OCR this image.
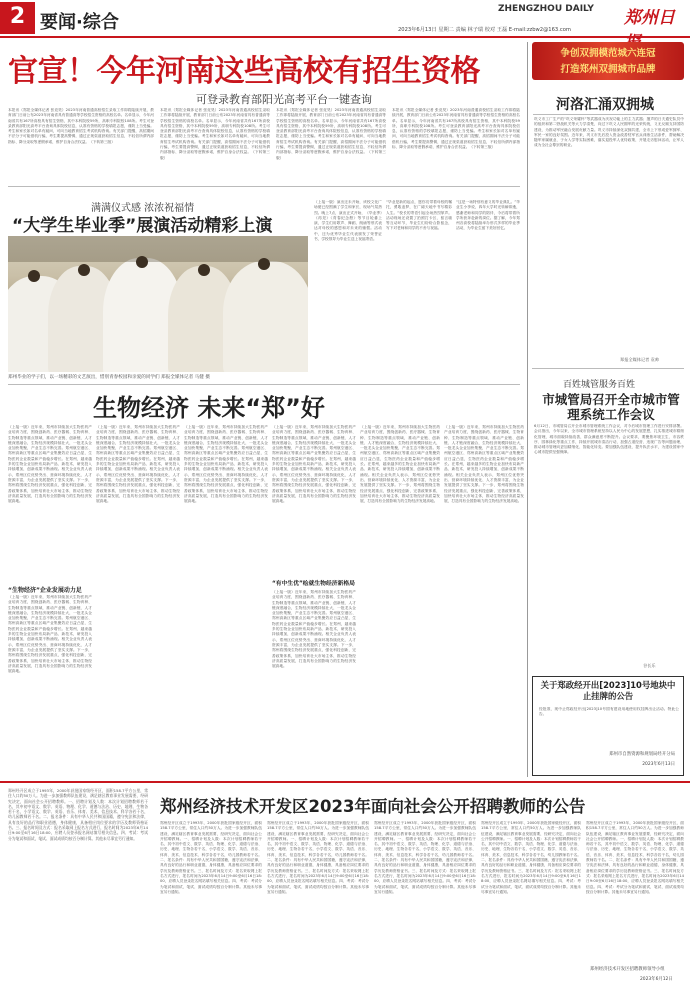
2 要闻·综合
ZHENGZHOU DAILY 郑州日
2023年6月13日 星期二 责编 林子瑞 校对 王磊 E-mail:zzbw2@163.com
官宣！今年河南这些高校有招生资格
可登录教育部阳光高考平台一键查询
本报讯（郑报全媒体记者 张竞昊）2023年河南普通高校招生录取工作即将陆续开展，教育部门日前公布2023年河南省具有普通高等学校招生资格的高校名单。名单显示，今年河南省共有167所高校具有招生资格，其中本科院校59所，高职专科院校108所。考生可登录教育部阳光高考平台查询具体院校信息，认准有资格的学校填报志愿，谨防上当受骗。考生和家长如对名单有疑问，可向当地教育招生考试机构咨询。有关部门提醒，高招期间不法分子可能借机行骗，考生要提高警惕，通过正规渠道获取招生信息，不轻信所谓内部指标、降分录取等虚假承诺，维护自身合法权益。（下转第三版）
本报讯（郑报全媒体记者 张竞昊）2023年河南普通高校招生录取工作即将陆续开展，教育部门日前公布2023年河南省具有普通高等学校招生资格的高校名单。名单显示，今年河南省共有167所高校具有招生资格，其中本科院校59所，高职专科院校108所。考生可登录教育部阳光高考平台查询具体院校信息，认准有资格的学校填报志愿，谨防上当受骗。考生和家长如对名单有疑问，可向当地教育招生考试机构咨询。有关部门提醒，高招期间不法分子可能借机行骗，考生要提高警惕，通过正规渠道获取招生信息，不轻信所谓内部指标、降分录取等虚假承诺，维护自身合法权益。（下转第三版）
本报讯（郑报全媒体记者 张竞昊）2023年河南普通高校招生录取工作即将陆续开展，教育部门日前公布2023年河南省具有普通高等学校招生资格的高校名单。名单显示，今年河南省共有167所高校具有招生资格，其中本科院校59所，高职专科院校108所。考生可登录教育部阳光高考平台查询具体院校信息，认准有资格的学校填报志愿，谨防上当受骗。考生和家长如对名单有疑问，可向当地教育招生考试机构咨询。有关部门提醒，高招期间不法分子可能借机行骗，考生要提高警惕，通过正规渠道获取招生信息，不轻信所谓内部指标、降分录取等虚假承诺，维护自身合法权益。（下转第三版）
本报讯（郑报全媒体记者 张竞昊）2023年河南普通高校招生录取工作即将陆续开展，教育部门日前公布2023年河南省具有普通高等学校招生资格的高校名单。名单显示，今年河南省共有167所高校具有招生资格，其中本科院校59所，高职专科院校108所。考生可登录教育部阳光高考平台查询具体院校信息，认准有资格的学校填报志愿，谨防上当受骗。考生和家长如对名单有疑问，可向当地教育招生考试机构咨询。有关部门提醒，高招期间不法分子可能借机行骗，考生要提高警惕，通过正规渠道获取招生信息，不轻信所谓内部指标、降分录取等虚假承诺，维护自身合法权益。（下转第三版）
满满仪式感 浓浓祝福情
“大学生毕业季”展演活动精彩上演
郑州毕业的学子们，以一场精彩的文艺演出，惜别青春校园和亲爱的同学们 郑报全媒体记者 马健 摄
（上接一版）演出还未开始，该校文化广场便已经围满了学生和家长，现场气氛热烈。晚上7点，演出正式开始，《毕业季》《再见》《青春纪念册》等节目轮番上演，学生们用歌声、舞蹈、朗诵等形式表达对母校的感恩和对未来的憧憬。活动中，还为优秀毕业生代表颁发了荣誉证书，学校领导为毕业生送上祝福寄语。
“毕业是新的起点，愿你们带着母校的嘱托，勇敢追梦，在广阔天地中书写精彩人生。”校长的寄语引起全场热烈掌声。活动现场还设置了拍照打卡区、留言墙等互动环节，毕业生们纷纷合影留念，写下对老师和同学的不舍与祝福。
“这是一场特别有意义的毕业典礼。”毕业生小李说，四年大学时光转瞬即逝，感谢老师和同学的陪伴，今后将带着所学所获奔赴新的岗位。据了解，今年郑州各高校将陆续举办形式多样的毕业季活动，为毕业生留下美好回忆。
生物经济 未来“郑”好
（上接一版）近年来，郑州市持续加大生物医药产业培育力度，围绕创新药、医疗器械、生物育种、生物制造等重点领域，推动产业链、创新链、人才链深度融合，生物经济规模持续壮大，一批龙头企业加快集聚，产业生态不断完善。郑州航空港区、郑州高新区等重点区域产业集聚效应日益凸显，生物医药企业数量和产值稳步增长。在郑州，越来越多的生物企业加快布局新产品、新技术，研发投入持续增加，创新成果不断涌现。相关企业负责人表示，郑州区位优势突出、营商环境持续优化、人才资源丰富，为企业发展提供了坚实支撑。下一步，郑州将围绕生物经济发展重点，强化科技创新，完善政策体系，加快培育壮大市场主体，推动生物经济高质量发展，打造具有全国影响力的生物经济发展高地。
“生物经济”企业发展动力足
（上接一版）近年来，郑州市持续加大生物医药产业培育力度，围绕创新药、医疗器械、生物育种、生物制造等重点领域，推动产业链、创新链、人才链深度融合，生物经济规模持续壮大，一批龙头企业加快集聚，产业生态不断完善。郑州航空港区、郑州高新区等重点区域产业集聚效应日益凸显，生物医药企业数量和产值稳步增长。在郑州，越来越多的生物企业加快布局新产品、新技术，研发投入持续增加，创新成果不断涌现。相关企业负责人表示，郑州区位优势突出、营商环境持续优化、人才资源丰富，为企业发展提供了坚实支撑。下一步，郑州将围绕生物经济发展重点，强化科技创新，完善政策体系，加快培育壮大市场主体，推动生物经济高质量发展，打造具有全国影响力的生物经济发展高地。
（上接一版）近年来，郑州市持续加大生物医药产业培育力度，围绕创新药、医疗器械、生物育种、生物制造等重点领域，推动产业链、创新链、人才链深度融合，生物经济规模持续壮大，一批龙头企业加快集聚，产业生态不断完善。郑州航空港区、郑州高新区等重点区域产业集聚效应日益凸显，生物医药企业数量和产值稳步增长。在郑州，越来越多的生物企业加快布局新产品、新技术，研发投入持续增加，创新成果不断涌现。相关企业负责人表示，郑州区位优势突出、营商环境持续优化、人才资源丰富，为企业发展提供了坚实支撑。下一步，郑州将围绕生物经济发展重点，强化科技创新，完善政策体系，加快培育壮大市场主体，推动生物经济高质量发展，打造具有全国影响力的生物经济发展高地。
（上接一版）近年来，郑州市持续加大生物医药产业培育力度，围绕创新药、医疗器械、生物育种、生物制造等重点领域，推动产业链、创新链、人才链深度融合，生物经济规模持续壮大，一批龙头企业加快集聚，产业生态不断完善。郑州航空港区、郑州高新区等重点区域产业集聚效应日益凸显，生物医药企业数量和产值稳步增长。在郑州，越来越多的生物企业加快布局新产品、新技术，研发投入持续增加，创新成果不断涌现。相关企业负责人表示，郑州区位优势突出、营商环境持续优化、人才资源丰富，为企业发展提供了坚实支撑。下一步，郑州将围绕生物经济发展重点，强化科技创新，完善政策体系，加快培育壮大市场主体，推动生物经济高质量发展，打造具有全国影响力的生物经济发展高地。
（上接一版）近年来，郑州市持续加大生物医药产业培育力度，围绕创新药、医疗器械、生物育种、生物制造等重点领域，推动产业链、创新链、人才链深度融合，生物经济规模持续壮大，一批龙头企业加快集聚，产业生态不断完善。郑州航空港区、郑州高新区等重点区域产业集聚效应日益凸显，生物医药企业数量和产值稳步增长。在郑州，越来越多的生物企业加快布局新产品、新技术，研发投入持续增加，创新成果不断涌现。相关企业负责人表示，郑州区位优势突出、营商环境持续优化、人才资源丰富，为企业发展提供了坚实支撑。下一步，郑州将围绕生物经济发展重点，强化科技创新，完善政策体系，加快培育壮大市场主体，推动生物经济高质量发展，打造具有全国影响力的生物经济发展高地。
“有中生优”绘就生物经济新格局
（上接一版）近年来，郑州市持续加大生物医药产业培育力度，围绕创新药、医疗器械、生物育种、生物制造等重点领域，推动产业链、创新链、人才链深度融合，生物经济规模持续壮大，一批龙头企业加快集聚，产业生态不断完善。郑州航空港区、郑州高新区等重点区域产业集聚效应日益凸显，生物医药企业数量和产值稳步增长。在郑州，越来越多的生物企业加快布局新产品、新技术，研发投入持续增加，创新成果不断涌现。相关企业负责人表示，郑州区位优势突出、营商环境持续优化、人才资源丰富，为企业发展提供了坚实支撑。下一步，郑州将围绕生物经济发展重点，强化科技创新，完善政策体系，加快培育壮大市场主体，推动生物经济高质量发展，打造具有全国影响力的生物经济发展高地。
（上接一版）近年来，郑州市持续加大生物医药产业培育力度，围绕创新药、医疗器械、生物育种、生物制造等重点领域，推动产业链、创新链、人才链深度融合，生物经济规模持续壮大，一批龙头企业加快集聚，产业生态不断完善。郑州航空港区、郑州高新区等重点区域产业集聚效应日益凸显，生物医药企业数量和产值稳步增长。在郑州，越来越多的生物企业加快布局新产品、新技术，研发投入持续增加，创新成果不断涌现。相关企业负责人表示，郑州区位优势突出、营商环境持续优化、人才资源丰富，为企业发展提供了坚实支撑。下一步，郑州将围绕生物经济发展重点，强化科技创新，完善政策体系，加快培育壮大市场主体，推动生物经济高质量发展，打造具有全国影响力的生物经济发展高地。
（上接一版）近年来，郑州市持续加大生物医药产业培育力度，围绕创新药、医疗器械、生物育种、生物制造等重点领域，推动产业链、创新链、人才链深度融合，生物经济规模持续壮大，一批龙头企业加快集聚，产业生态不断完善。郑州航空港区、郑州高新区等重点区域产业集聚效应日益凸显，生物医药企业数量和产值稳步增长。在郑州，越来越多的生物企业加快布局新产品、新技术，研发投入持续增加，创新成果不断涌现。相关企业负责人表示，郑州区位优势突出、营商环境持续优化、人才资源丰富，为企业发展提供了坚实支撑。下一步，郑州将围绕生物经济发展重点，强化科技创新，完善政策体系，加快培育壮大市场主体，推动生物经济高质量发展，打造具有全国影响力的生物经济发展高地。
争创双拥模范城六连冠
打造郑州双拥城市品牌
河洛汇涌双拥城
巩义市工广生产的“巩义荣耀杯”等武器成为庆祝功能上的主力武器；擅声的日夫通史队员中的组织和第二野战机关等大力学清楚，向过下巩义人民期军的光荣传统，义无反顾支持国防建设，为推动军民融合发展贡献力量。巩义市持续深化双拥共建，全市上下形成爱军拥军、军民一家的良好氛围。近年来，巩义市先后投入资金改善驻军官兵训练生活条件，帮助解决随军家属就业、子女入学等实际困难，落实退役军人优待政策，开展走访慰问活动，让军人成为全社会尊崇的职业。
郑报全媒体记者 袁帅
百姓城管服务百姓
市城管局召开全市城市管理系统工作会议
6月12日，市城管局召开全市城市管理系统工作会议，对今后城市管理工作进行安排部署。会议指出，今年以来，全市城市管理系统坚持以人民为中心的发展思想，扎实推进城市精细化管理，城市面貌持续改善，群众满意度不断提升。会议要求，要聚焦环境卫生、市容秩序、园林绿化等重点工作，持续开展城市清洁行动，加强占道经营、违规广告等问题治理，推动城市管理向更加精细化、智能化转变。要加强队伍建设，提升执法水平，为建设国家中心城市提供坚强保障。
谷长乐
关于郑政经开出[2023]10号地块中止挂牌的公告
经批准，现中止郑政经开出[2023]10号国有建设用地使用权挂牌出让活动。特此公告。
郑州市自然资源和规划局经开分局
2023年6月13日
郑州经开区成立于1993年，2000年获批国家级经开区，面积158.7平方公里，常住人口约50万人。为进一步加强教师队伍建设，满足辖区教育事业发展需要，经研究决定，面向社会公开招聘教师。一、招聘计划及人数：本次计划招聘教师若干名，其中初中语文、数学、英语、物理、化学、道德与法治、历史、地理、生物各若干名，小学语文、数学、英语、音乐、体育、美术、信息技术、科学各若干名，幼儿园教师若干名。二、报名条件：具有中华人民共和国国籍，遵守宪法和法律，具有良好的品行和职业道德，身体健康，具备相应岗位要求的学历及教师资格证书。三、报名时间及方式：报名采取网上报名方式进行，报名时间为2023年6月14日9:00至6月16日18:00，应聘人员登录报名网站填写相关信息。四、考试：考试分为笔试和面试，笔试、面试成绩均按百分制计算。其他未尽事宜另行通知。
郑州经济技术开发区2023年面向社会公开招聘教师的公告
郑州经开区成立于1993年，2000年获批国家级经开区，面积158.7平方公里，常住人口约50万人。为进一步加强教师队伍建设，满足辖区教育事业发展需要，经研究决定，面向社会公开招聘教师。一、招聘计划及人数：本次计划招聘教师若干名，其中初中语文、数学、英语、物理、化学、道德与法治、历史、地理、生物各若干名，小学语文、数学、英语、音乐、体育、美术、信息技术、科学各若干名，幼儿园教师若干名。二、报名条件：具有中华人民共和国国籍，遵守宪法和法律，具有良好的品行和职业道德，身体健康，具备相应岗位要求的学历及教师资格证书。三、报名时间及方式：报名采取网上报名方式进行，报名时间为2023年6月14日9:00至6月16日18:00，应聘人员登录报名网站填写相关信息。四、考试：考试分为笔试和面试，笔试、面试成绩均按百分制计算。其他未尽事宜另行通知。
郑州经开区成立于1993年，2000年获批国家级经开区，面积158.7平方公里，常住人口约50万人。为进一步加强教师队伍建设，满足辖区教育事业发展需要，经研究决定，面向社会公开招聘教师。一、招聘计划及人数：本次计划招聘教师若干名，其中初中语文、数学、英语、物理、化学、道德与法治、历史、地理、生物各若干名，小学语文、数学、英语、音乐、体育、美术、信息技术、科学各若干名，幼儿园教师若干名。二、报名条件：具有中华人民共和国国籍，遵守宪法和法律，具有良好的品行和职业道德，身体健康，具备相应岗位要求的学历及教师资格证书。三、报名时间及方式：报名采取网上报名方式进行，报名时间为2023年6月14日9:00至6月16日18:00，应聘人员登录报名网站填写相关信息。四、考试：考试分为笔试和面试，笔试、面试成绩均按百分制计算。其他未尽事宜另行通知。
郑州经开区成立于1993年，2000年获批国家级经开区，面积158.7平方公里，常住人口约50万人。为进一步加强教师队伍建设，满足辖区教育事业发展需要，经研究决定，面向社会公开招聘教师。一、招聘计划及人数：本次计划招聘教师若干名，其中初中语文、数学、英语、物理、化学、道德与法治、历史、地理、生物各若干名，小学语文、数学、英语、音乐、体育、美术、信息技术、科学各若干名，幼儿园教师若干名。二、报名条件：具有中华人民共和国国籍，遵守宪法和法律，具有良好的品行和职业道德，身体健康，具备相应岗位要求的学历及教师资格证书。三、报名时间及方式：报名采取网上报名方式进行，报名时间为2023年6月14日9:00至6月16日18:00，应聘人员登录报名网站填写相关信息。四、考试：考试分为笔试和面试，笔试、面试成绩均按百分制计算。其他未尽事宜另行通知。
郑州经开区成立于1993年，2000年获批国家级经开区，面积158.7平方公里，常住人口约50万人。为进一步加强教师队伍建设，满足辖区教育事业发展需要，经研究决定，面向社会公开招聘教师。一、招聘计划及人数：本次计划招聘教师若干名，其中初中语文、数学、英语、物理、化学、道德与法治、历史、地理、生物各若干名，小学语文、数学、英语、音乐、体育、美术、信息技术、科学各若干名，幼儿园教师若干名。二、报名条件：具有中华人民共和国国籍，遵守宪法和法律，具有良好的品行和职业道德，身体健康，具备相应岗位要求的学历及教师资格证书。三、报名时间及方式：报名采取网上报名方式进行，报名时间为2023年6月14日9:00至6月16日18:00，应聘人员登录报名网站填写相关信息。四、考试：考试分为笔试和面试，笔试、面试成绩均按百分制计算。其他未尽事宜另行通知。
郑州经开区成立于1993年，2000年获批国家级经开区，面积158.7平方公里，常住人口约50万人。为进一步加强教师队伍建设，满足辖区教育事业发展需要，经研究决定，面向社会公开招聘教师。一、招聘计划及人数：本次计划招聘教师若干名，其中初中语文、数学、英语、物理、化学、道德与法治、历史、地理、生物各若干名，小学语文、数学、英语、音乐、体育、美术、信息技术、科学各若干名，幼儿园教师若干名。二、报名条件：具有中华人民共和国国籍，遵守宪法和法律，具有良好的品行和职业道德，身体健康，具备相应岗位要求的学历及教师资格证书。三、报名时间及方式：报名采取网上报名方式进行，报名时间为2023年6月14日9:00至6月16日18:00，应聘人员登录报名网站填写相关信息。四、考试：考试分为笔试和面试，笔试、面试成绩均按百分制计算。其他未尽事宜另行通知。
郑州经济技术开发区招聘教师领导小组
2023年6月12日
